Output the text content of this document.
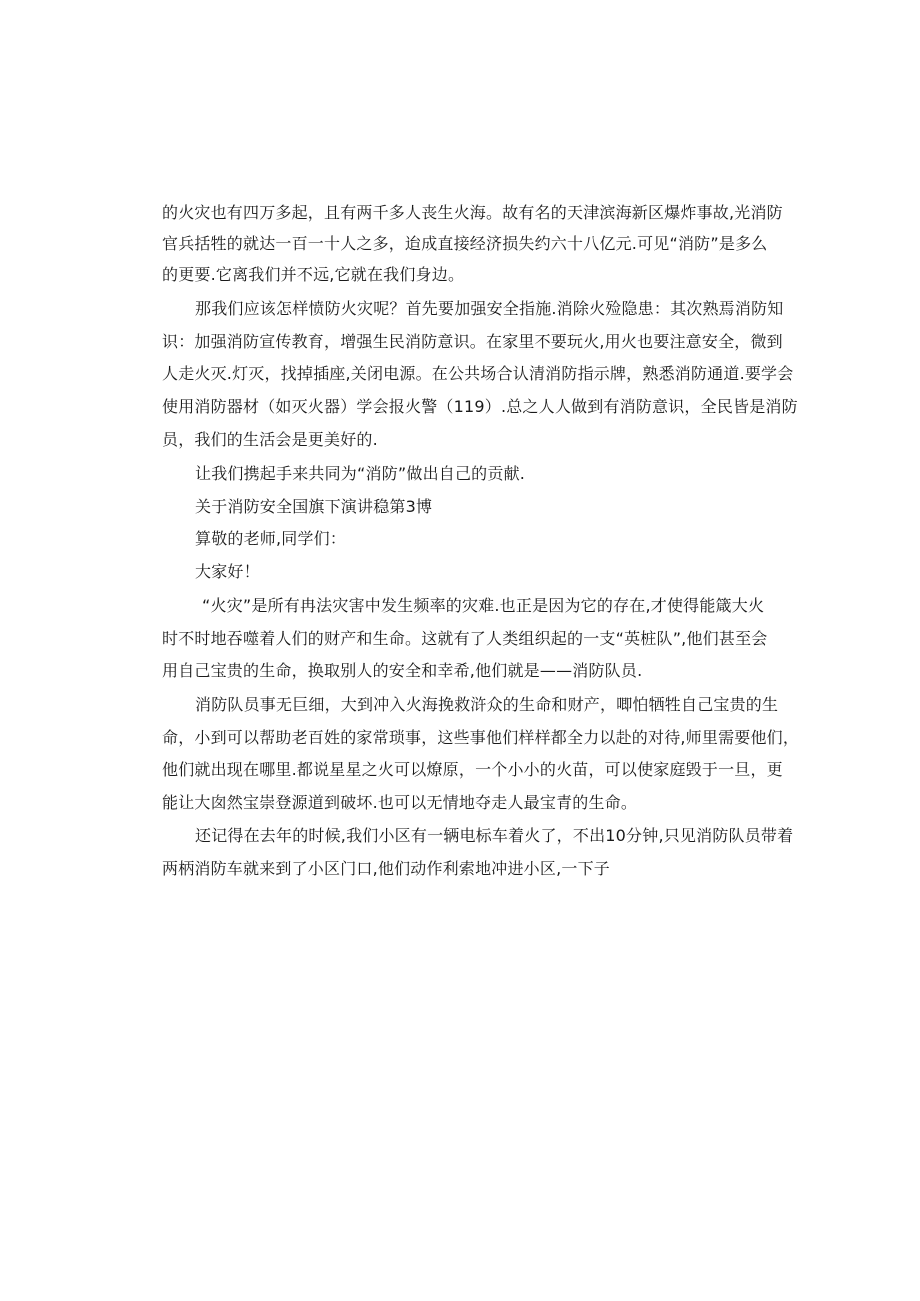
的火灾也有四万多起，且有两千多人丧生火海。故有名的天津滨海新区爆炸事故,光消防
官兵括牲的就达一百一十人之多，迨成直接经济损失约六十八亿元.可见“消防”是多么
的更要.它离我们并不远,它就在我们身边。
那我们应该怎样愤防火灾呢？首先要加强安全指施.消除火殓隐患：其次熟焉消防知
识：加强消防宣传教育，增强生民消防意识。在家里不要玩火,用火也要注意安全，微到
人走火灭.灯灭，找掉插座,关闭电源。在公共场合认清消防指示牌，熟悉消防通道.要学会
使用消防器材（如灭火器）学会报火警（119）.总之人人做到有消防意识，全民皆是消防
员，我们的生活会是更美好的.
让我们携起手来共同为“消防”做出自己的贡献.
关于消防安全国旗下演讲稳第3博
算敬的老师,同学们：
大家好！
“火灾”是所有冉法灾害中发生频率的灾难.也正是因为它的存在,才使得能箴大火
时不时地吞噬着人们的财产和生命。这就有了人类组织起的一支“英桩队”,他们甚至会
用自己宝贵的生命，换取别人的安全和幸希,他们就是——消防队员.
消防队员事无巨细，大到冲入火海挽救浒众的生命和财产，唧怕牺牲自己宝贵的生
命，小到可以帮助老百姓的家常琐事，这些事他们样样都全力以赴的对待,师里需要他们，
他们就出现在哪里.都说星星之火可以燎原，一个小小的火苗，可以使家庭毁于一旦，更
能让大囱然宝崇登源道到破坏.也可以无情地夺走人最宝青的生命。
还记得在去年的时候,我们小区有一辆电标车着火了，不出10分钟,只见消防队员带着
两柄消防车就来到了小区门口,他们动作利索地冲进小区,一下子
